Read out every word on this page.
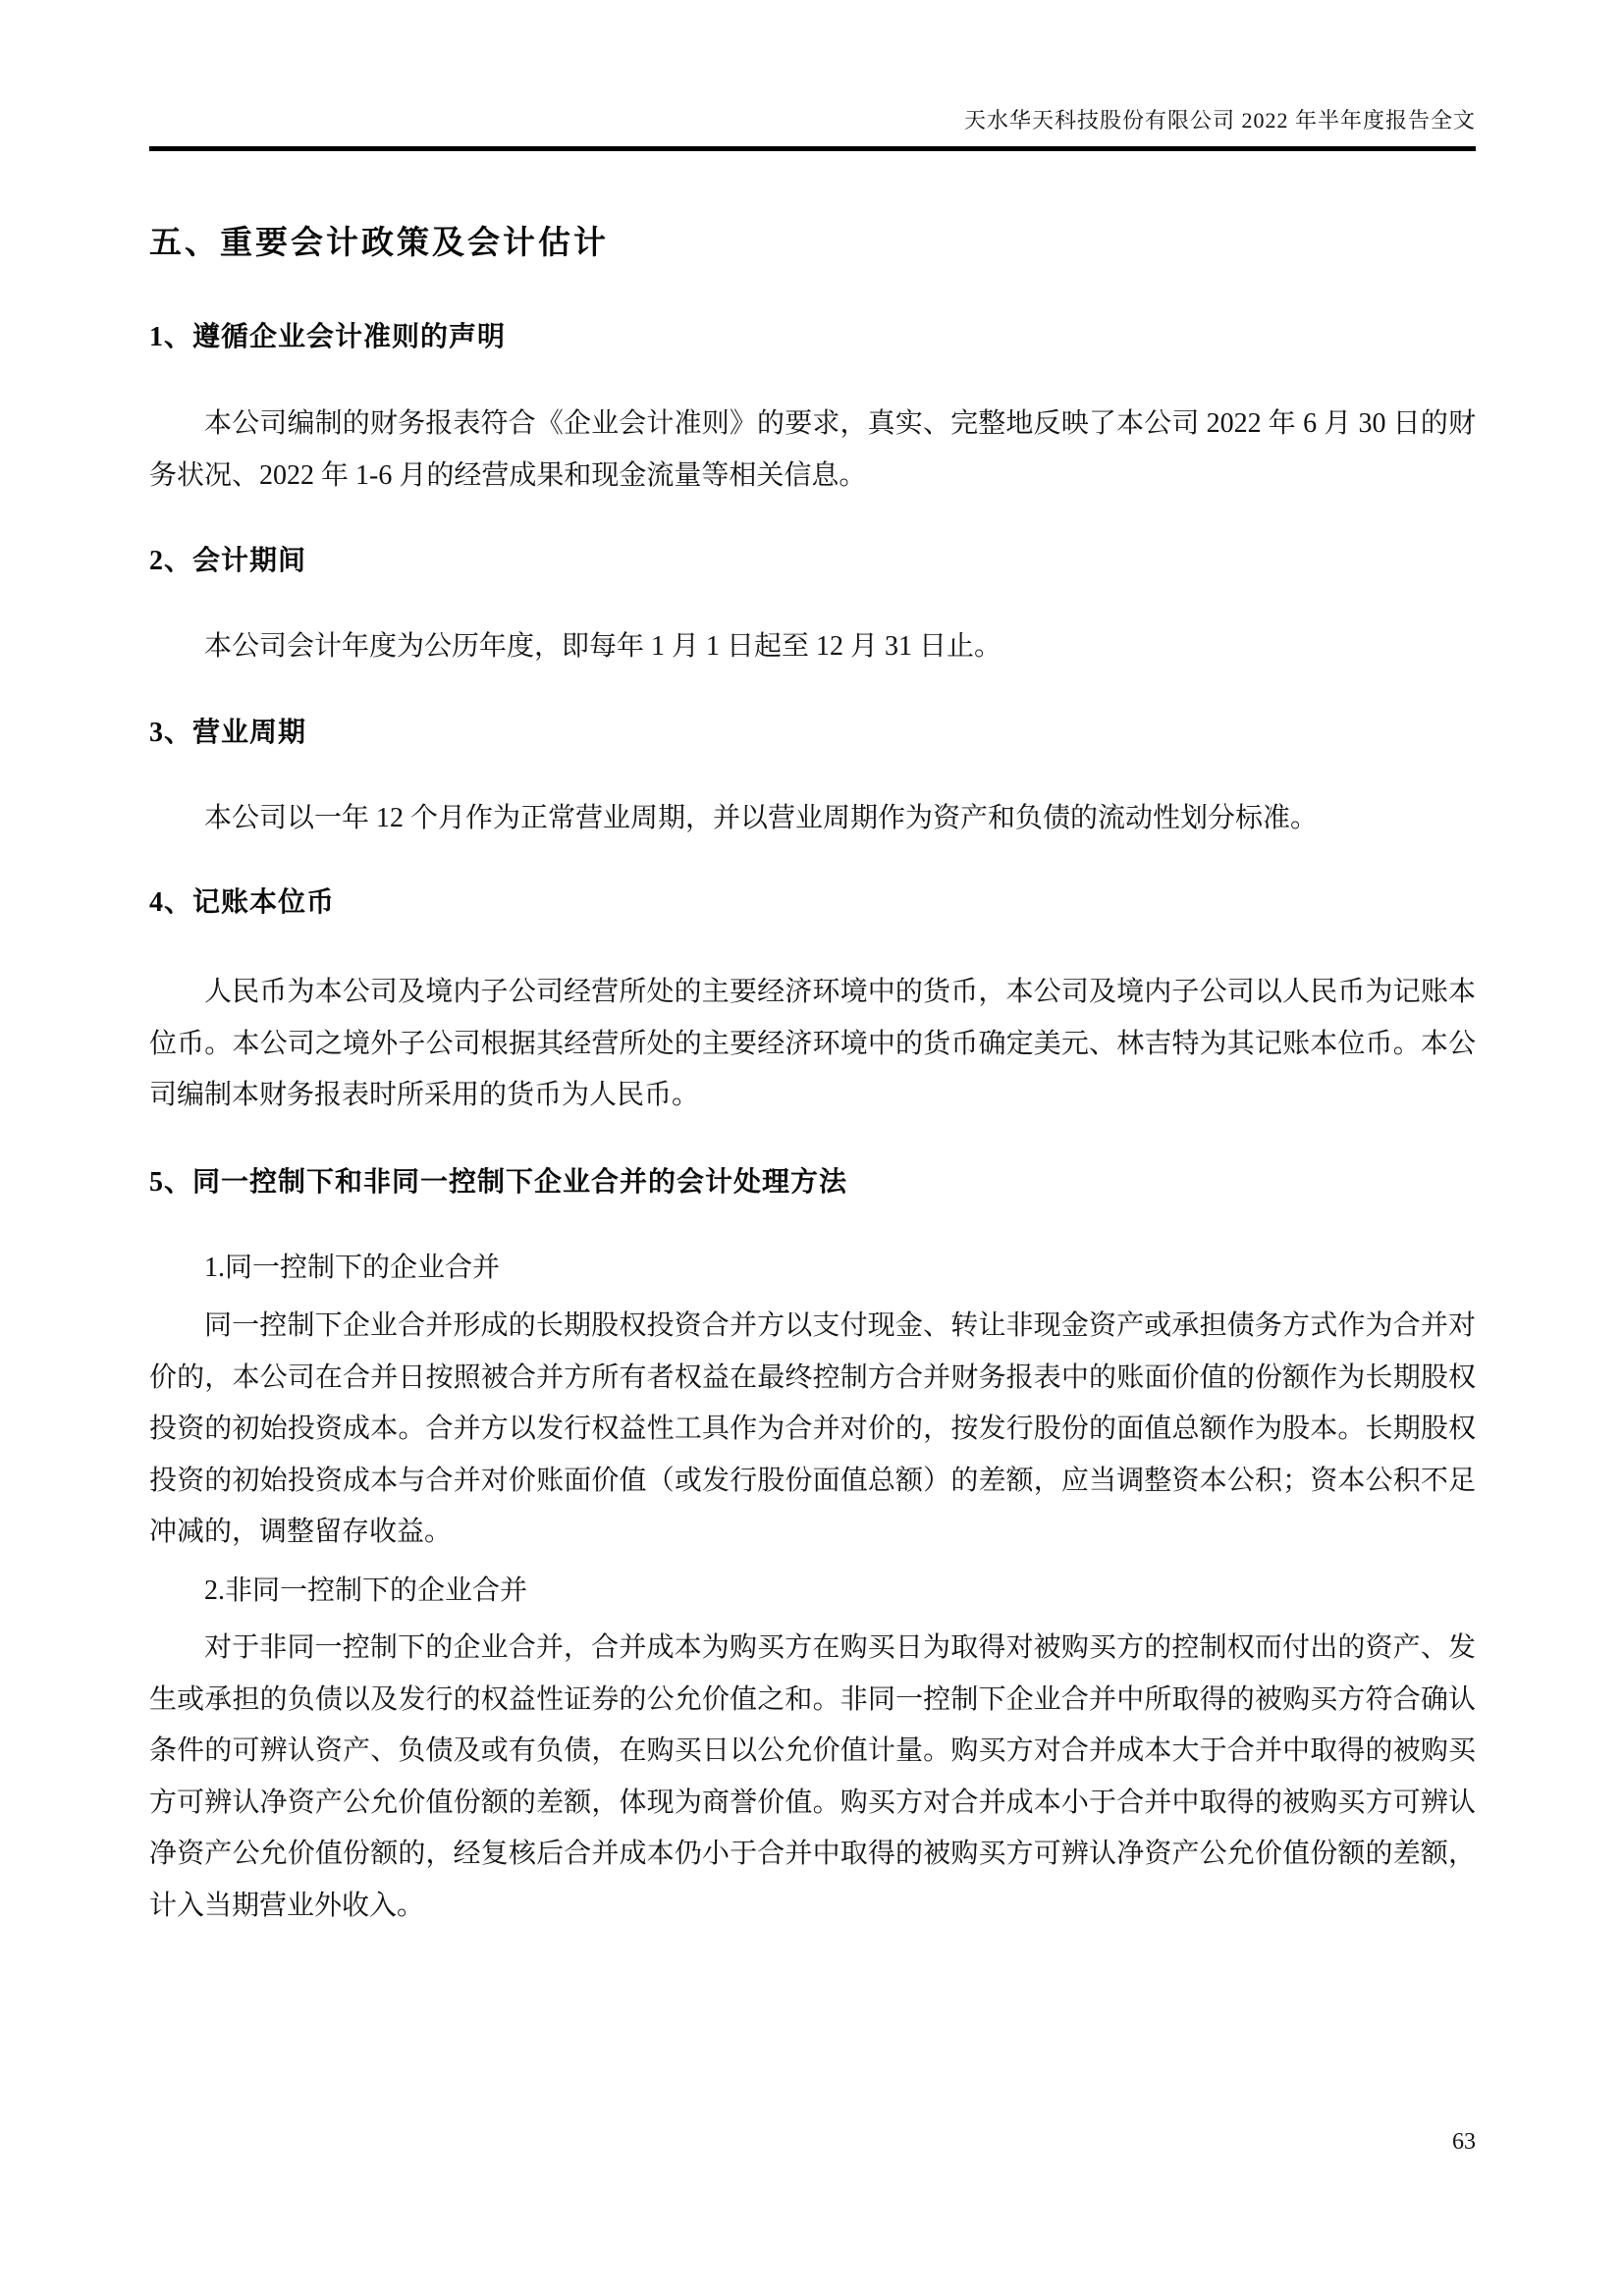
天水华天科技股份有限公司 2022 年半年度报告全文
五、重要会计政策及会计估计
1、遵循企业会计准则的声明
本公司编制的财务报表符合《企业会计准则》的要求，真实、完整地反映了本公司 2022 年 6 月 30 日的财务状况、2022 年 1-6 月的经营成果和现金流量等相关信息。
2、会计期间
本公司会计年度为公历年度，即每年 1 月 1 日起至 12 月 31 日止。
3、营业周期
本公司以一年 12 个月作为正常营业周期，并以营业周期作为资产和负债的流动性划分标准。
4、记账本位币
人民币为本公司及境内子公司经营所处的主要经济环境中的货币，本公司及境内子公司以人民币为记账本位币。本公司之境外子公司根据其经营所处的主要经济环境中的货币确定美元、林吉特为其记账本位币。本公司编制本财务报表时所采用的货币为人民币。
5、同一控制下和非同一控制下企业合并的会计处理方法
1.同一控制下的企业合并
同一控制下企业合并形成的长期股权投资合并方以支付现金、转让非现金资产或承担债务方式作为合并对价的，本公司在合并日按照被合并方所有者权益在最终控制方合并财务报表中的账面价值的份额作为长期股权投资的初始投资成本。合并方以发行权益性工具作为合并对价的，按发行股份的面值总额作为股本。长期股权投资的初始投资成本与合并对价账面价值（或发行股份面值总额）的差额，应当调整资本公积；资本公积不足冲减的，调整留存收益。
2.非同一控制下的企业合并
对于非同一控制下的企业合并，合并成本为购买方在购买日为取得对被购买方的控制权而付出的资产、发生或承担的负债以及发行的权益性证券的公允价值之和。非同一控制下企业合并中所取得的被购买方符合确认条件的可辨认资产、负债及或有负债，在购买日以公允价值计量。购买方对合并成本大于合并中取得的被购买方可辨认净资产公允价值份额的差额，体现为商誉价值。购买方对合并成本小于合并中取得的被购买方可辨认净资产公允价值份额的，经复核后合并成本仍小于合并中取得的被购买方可辨认净资产公允价值份额的差额，计入当期营业外收入。
63
